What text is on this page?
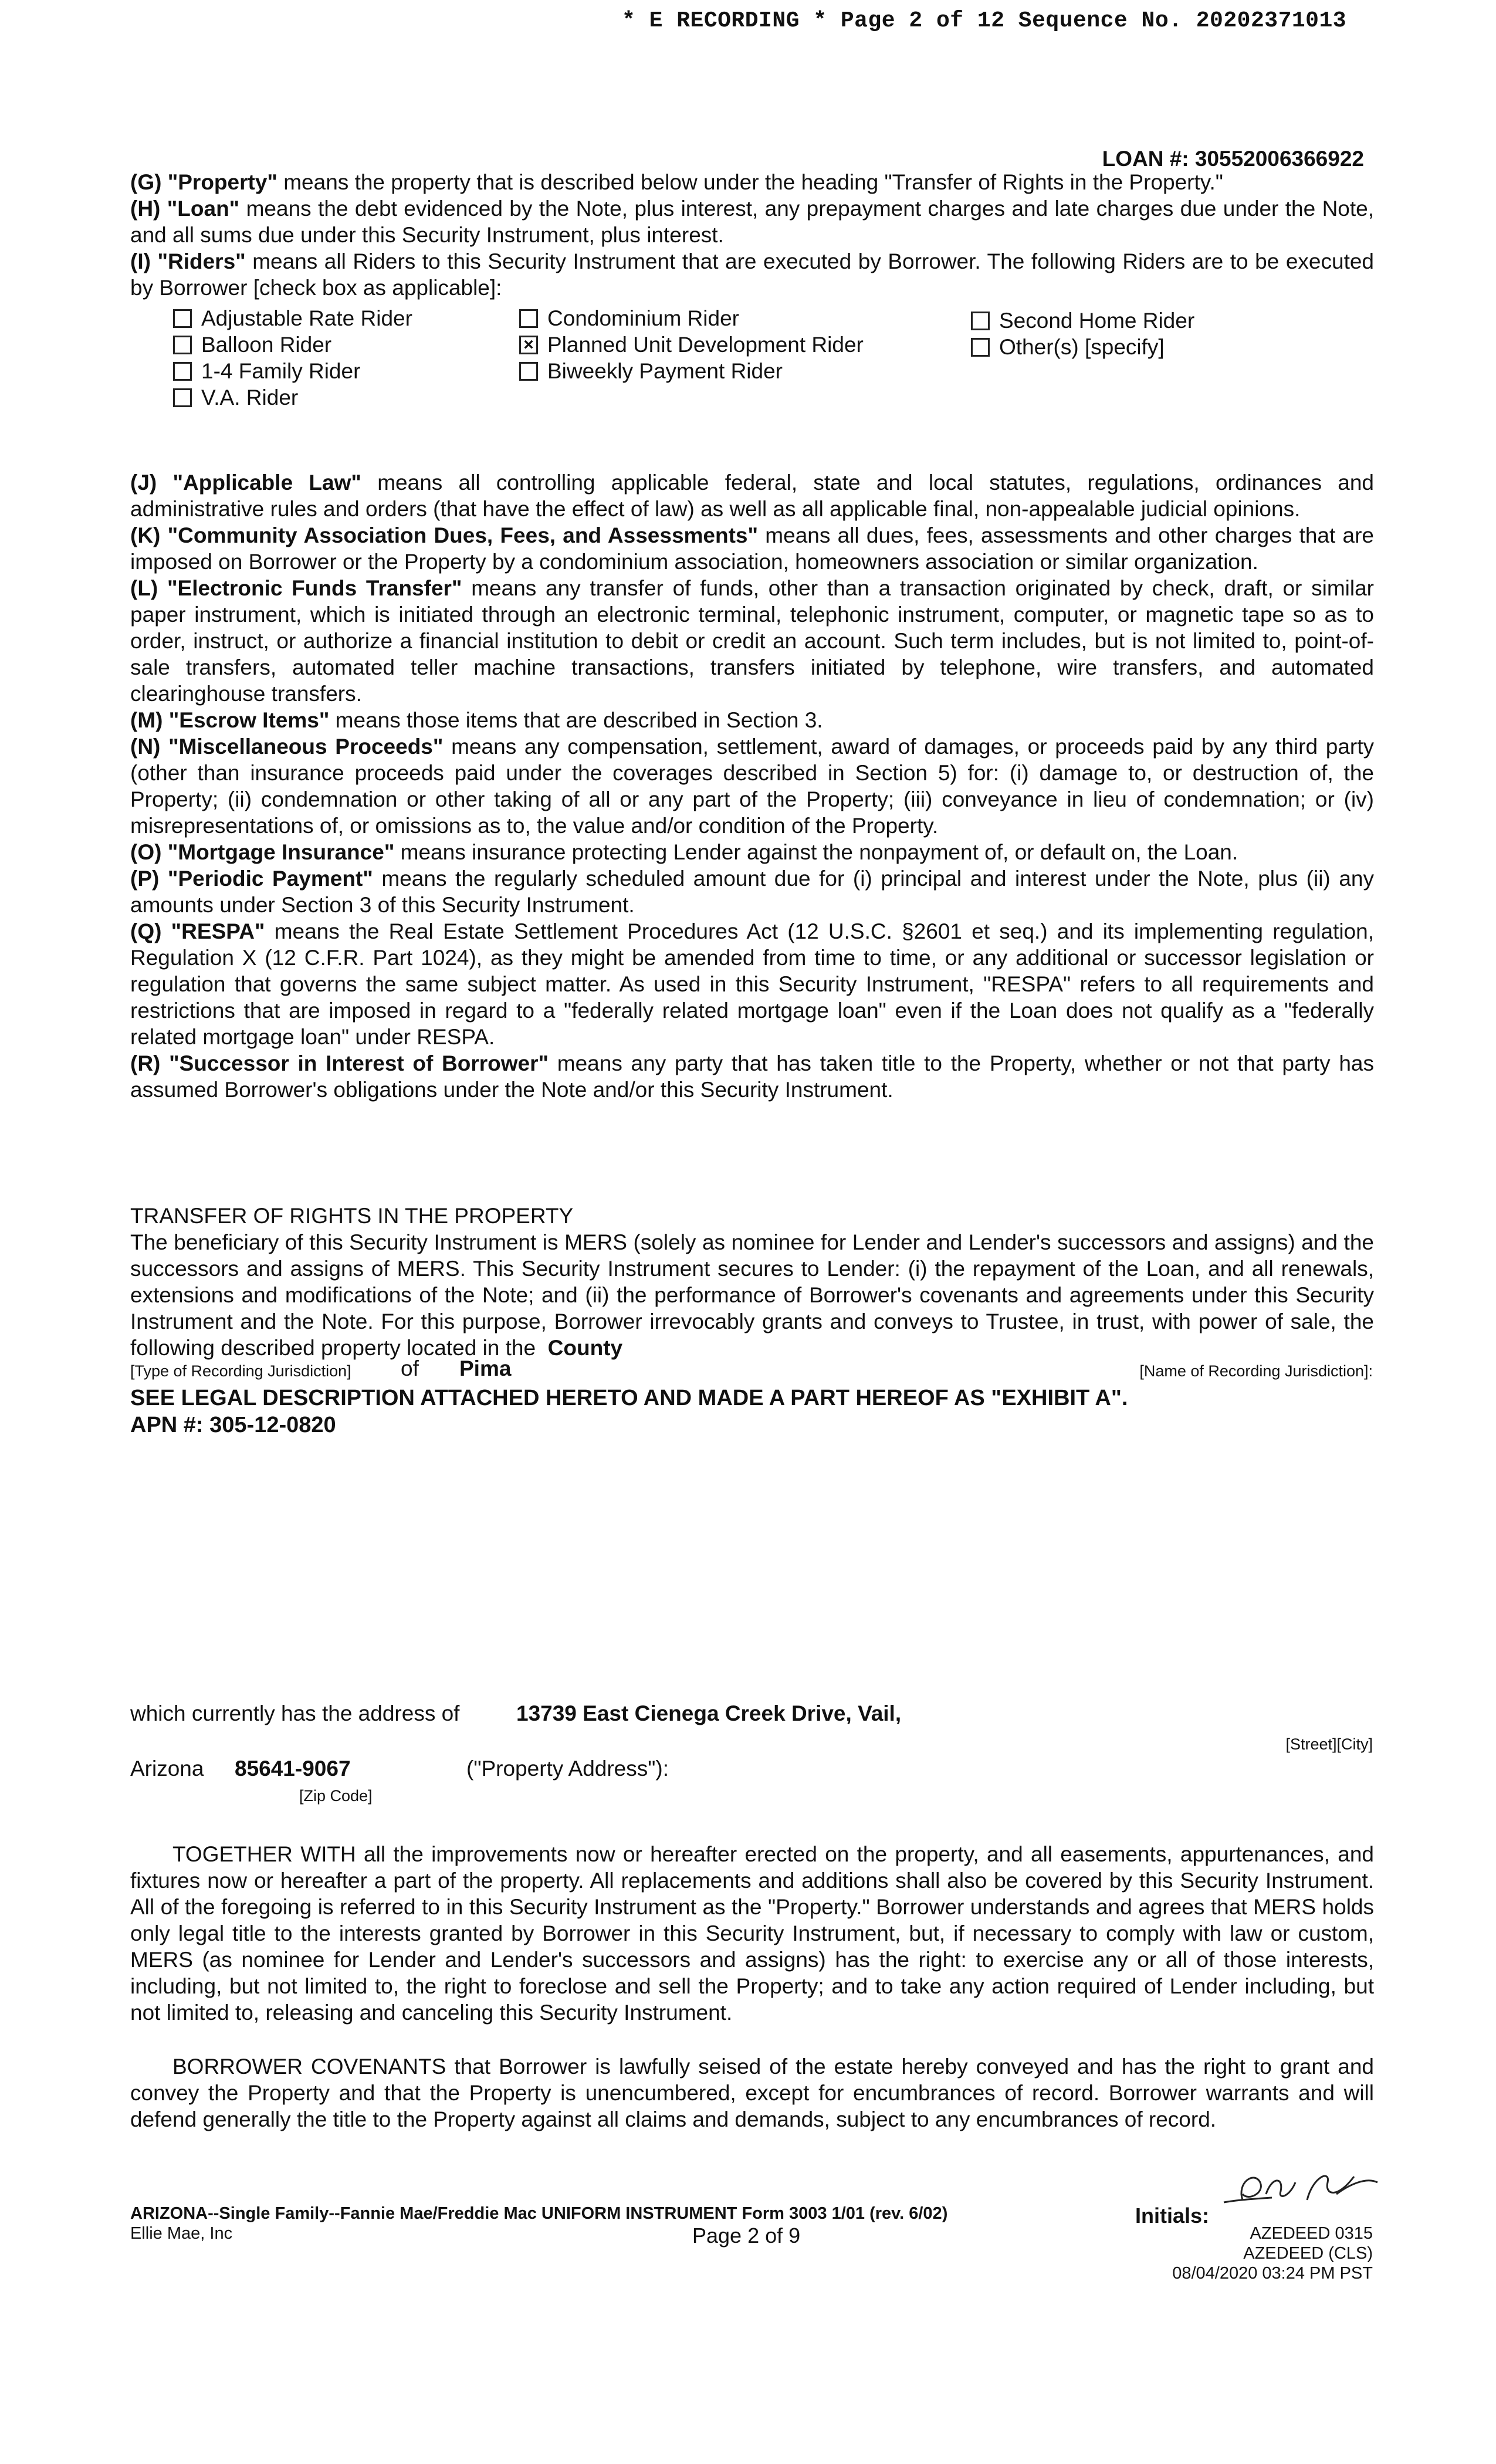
* E RECORDING * Page 2 of 12 Sequence No. 20202371013
LOAN #: 30552006366922

(G) "Property" means the property that is described below under the heading "Transfer of Rights in the Property."

(H) "Loan" means the debt evidenced by the Note, plus interest, any prepayment charges and late charges due under the Note, and all sums due under this Security Instrument, plus interest.

(I) "Riders" means all Riders to this Security Instrument that are executed by Borrower. The following Riders are to be executed by Borrower [check box as applicable]:

Adjustable Rate Rider
Balloon Rider
1-4 Family Rider
V.A. Rider
Condominium Rider
× Planned Unit Development Rider
Biweekly Payment Rider
Second Home Rider
Other(s) [specify]

(J) "Applicable Law" means all controlling applicable federal, state and local statutes, regulations, ordinances and administrative rules and orders (that have the effect of law) as well as all applicable final, non-appealable judicial opinions.

(K) "Community Association Dues, Fees, and Assessments" means all dues, fees, assessments and other charges that are imposed on Borrower or the Property by a condominium association, homeowners association or similar organization.

(L) "Electronic Funds Transfer" means any transfer of funds, other than a transaction originated by check, draft, or similar paper instrument, which is initiated through an electronic terminal, telephonic instrument, computer, or magnetic tape so as to order, instruct, or authorize a financial institution to debit or credit an account. Such term includes, but is not limited to, point-of-sale transfers, automated teller machine transactions, transfers initiated by telephone, wire transfers, and automated clearinghouse transfers.

(M) "Escrow Items" means those items that are described in Section 3.

(N) "Miscellaneous Proceeds" means any compensation, settlement, award of damages, or proceeds paid by any third party (other than insurance proceeds paid under the coverages described in Section 5) for: (i) damage to, or destruction of, the Property; (ii) condemnation or other taking of all or any part of the Property; (iii) conveyance in lieu of condemnation; or (iv) misrepresentations of, or omissions as to, the value and/or condition of the Property.

(O) "Mortgage Insurance" means insurance protecting Lender against the nonpayment of, or default on, the Loan.

(P) "Periodic Payment" means the regularly scheduled amount due for (i) principal and interest under the Note, plus (ii) any amounts under Section 3 of this Security Instrument.

(Q) "RESPA" means the Real Estate Settlement Procedures Act (12 U.S.C. §2601 et seq.) and its implementing regulation, Regulation X (12 C.F.R. Part 1024), as they might be amended from time to time, or any additional or successor legislation or regulation that governs the same subject matter. As used in this Security Instrument, "RESPA" refers to all requirements and restrictions that are imposed in regard to a "federally related mortgage loan" even if the Loan does not qualify as a "federally related mortgage loan" under RESPA.

(R) "Successor in Interest of Borrower" means any party that has taken title to the Property, whether or not that party has assumed Borrower's obligations under the Note and/or this Security Instrument.

TRANSFER OF RIGHTS IN THE PROPERTY

The beneficiary of this Security Instrument is MERS (solely as nominee for Lender and Lender's successors and assigns) and the successors and assigns of MERS. This Security Instrument secures to Lender: (i) the repayment of the Loan, and all renewals, extensions and modifications of the Note; and (ii) the performance of Borrower's covenants and agreements under this Security Instrument and the Note. For this purpose, Borrower irrevocably grants and conveys to Trustee, in trust, with power of sale, the following described property located in the County

[Type of Recording Jurisdiction] of Pima	[Name of Recording Jurisdiction]:
SEE LEGAL DESCRIPTION ATTACHED HERETO AND MADE A PART HEREOF AS "EXHIBIT A".
APN #: 305-12-0820
which currently has the address of	13739 East Cienega Creek Drive, Vail,
[Street][City]
Arizona 85641-9067
[Zip Code]
("Property Address"):

TOGETHER WITH all the improvements now or hereafter erected on the property, and all easements, appurtenances, and fixtures now or hereafter a part of the property. All replacements and additions shall also be covered by this Security Instrument. All of the foregoing is referred to in this Security Instrument as the "Property." Borrower understands and agrees that MERS holds only legal title to the interests granted by Borrower in this Security Instrument, but, if necessary to comply with law or custom, MERS (as nominee for Lender and Lender's successors and assigns) has the right: to exercise any or all of those interests, including, but not limited to, the right to foreclose and sell the Property; and to take any action required of Lender including, but not limited to, releasing and canceling this Security Instrument.

BORROWER COVENANTS that Borrower is lawfully seised of the estate hereby conveyed and has the right to grant and convey the Property and that the Property is unencumbered, except for encumbrances of record. Borrower warrants and will defend generally the title to the Property against all claims and demands, subject to any encumbrances of record.

ARIZONA--Single Family--Fannie Mae/Freddie Mac UNIFORM INSTRUMENT Form 3003 1/01 (rev. 6/02)
Ellie Mae, Inc	Page 2 of 9
Initials:
AZEDEED 0315
AZEDEED (CLS)
08/04/2020 03:24 PM PST
